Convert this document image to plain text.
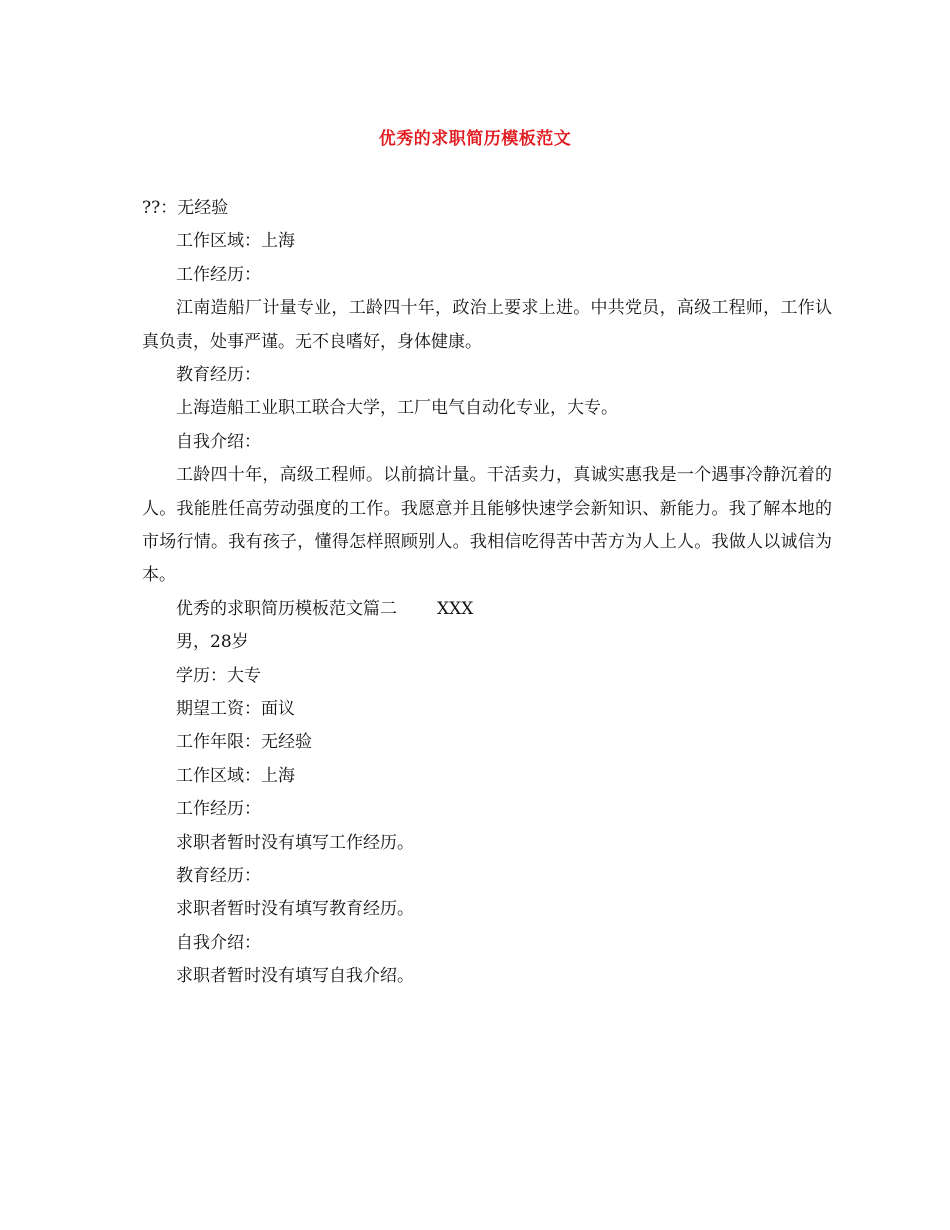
优秀的求职简历模板范文
??：无经验
工作区域：上海
工作经历：
江南造船厂计量专业，工龄四十年，政治上要求上进。中共党员，高级工程师，工作认真负责，处事严谨。无不良嗜好，身体健康。
教育经历：
上海造船工业职工联合大学，工厂电气自动化专业，大专。
自我介绍：
工龄四十年，高级工程师。以前搞计量。干活卖力，真诚实惠我是一个遇事冷静沉着的人。我能胜任高劳动强度的工作。我愿意并且能够快速学会新知识、新能力。我了解本地的市场行情。我有孩子，懂得怎样照顾别人。我相信吃得苦中苦方为人上人。我做人以诚信为本。
优秀的求职简历模板范文篇二 XXX
男，28岁
学历：大专
期望工资：面议
工作年限：无经验
工作区域：上海
工作经历：
求职者暂时没有填写工作经历。
教育经历：
求职者暂时没有填写教育经历。
自我介绍：
求职者暂时没有填写自我介绍。
